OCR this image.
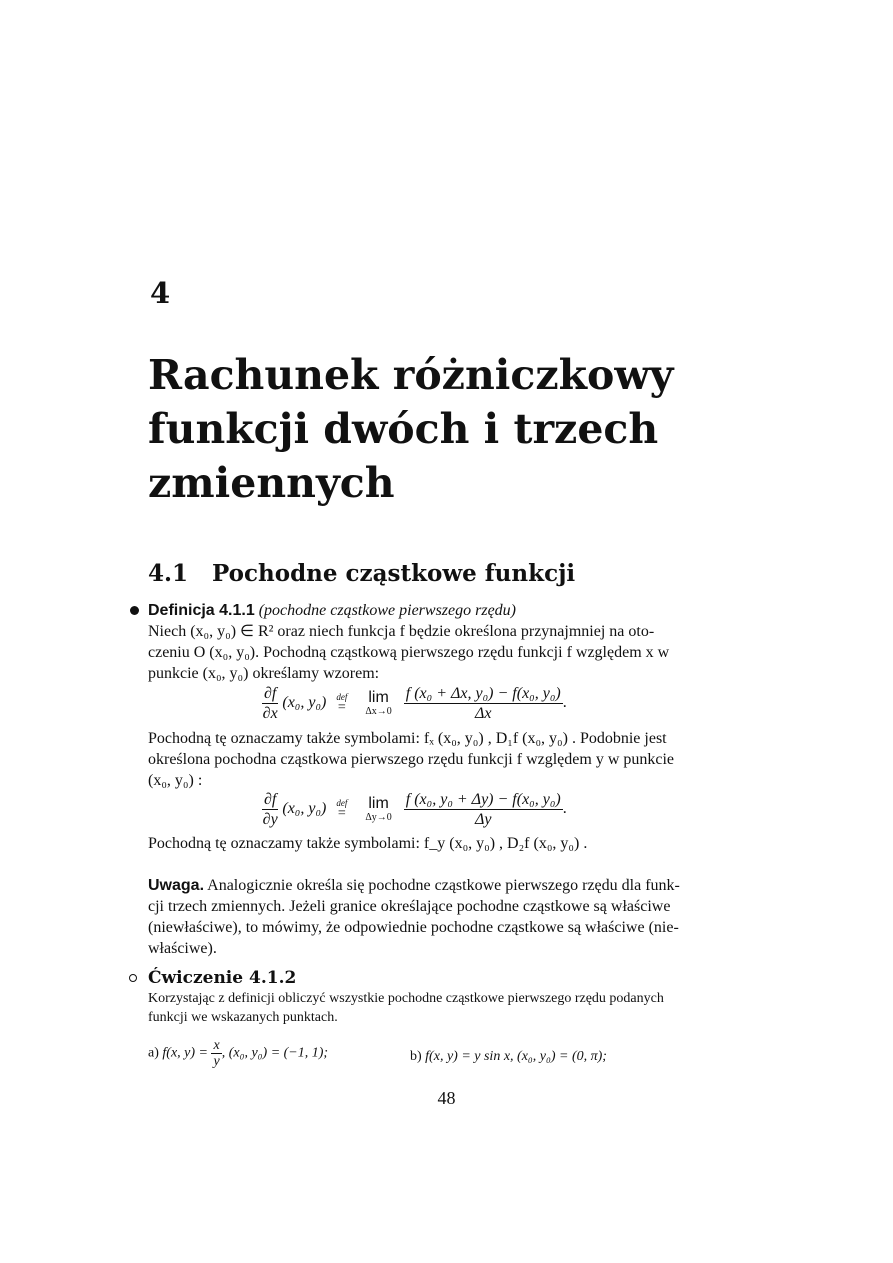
4
Rachunek różniczkowy
funkcji dwóch i trzech
zmiennych
4.1 Pochodne cząstkowe funkcji
Definicja 4.1.1 (pochodne cząstkowe pierwszego rzędu)
Niech (x₀, y₀) ∈ R² oraz niech funkcja f będzie określona przynajmniej na oto-
czeniu O (x₀, y₀). Pochodną cząstkową pierwszego rzędu funkcji f względem x w
punkcie (x₀, y₀) określamy wzorem:
$\frac{\partial f}{\partial x} (x_0$, y₀) def
=

lim
Δx→0
$\frac{\text{f (x₀ + Δx, y₀) − f(x₀, y₀)}}{\Delta x}$ .
Pochodną tę oznaczamy także symbolami: fₓ (x₀, y₀) , D₁f (x₀, y₀) . Podobnie jest
określona pochodna cząstkowa pierwszego rzędu funkcji f względem y w punkcie
(x₀, y₀) :
$\frac{\partial f}{\partial y} (x_0$, y₀) def
=

lim
Δy→0
$\frac{\text{f (x₀, y₀ + Δy) − f(x₀, y₀)}}{\Delta y}$ .
Pochodną tę oznaczamy także symbolami: f_y (x₀, y₀) , D₂f (x₀, y₀) .
Uwaga. Analogicznie określa się pochodne cząstkowe pierwszego rzędu dla funk-
cji trzech zmiennych. Jeżeli granice określające pochodne cząstkowe są właściwe
(niewłaściwe), to mówimy, że odpowiednie pochodne cząstkowe są właściwe (nie-
właściwe).
Ćwiczenie 4.1.2
Korzystając z definicji obliczyć wszystkie pochodne cząstkowe pierwszego rzędu podanych
funkcji we wskazanych punktach.
a) f(x, $y) = \frac{x}{y}$ , (x₀, y₀) = (−1, 1);	b) f(x, y) = y sin x, (x₀, y₀) = (0, π);
48
